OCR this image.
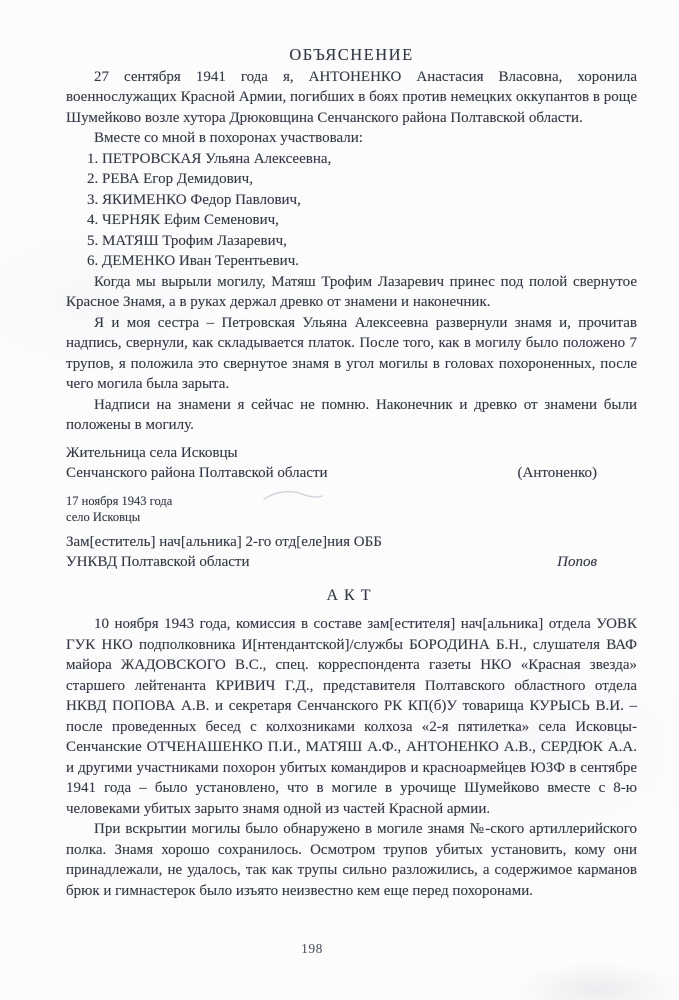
ОБЪЯСНЕНИЕ

27 сентября 1941 года я, АНТОНЕНКО Анастасия Власовна, хоронила военнослужащих Красной Армии, погибших в боях против немецких оккупантов в роще Шумейково возле хутора Дрюковщина Сенчанского района Полтавской области.

Вместе со мной в похоронах участвовали:

1. ПЕТРОВСКАЯ Ульяна Алексеевна,
2. РЕВА Егор Демидович,
3. ЯКИМЕНКО Федор Павлович,
4. ЧЕРНЯК Ефим Семенович,
5. МАТЯШ Трофим Лазаревич,
6. ДЕМЕНКО Иван Терентьевич.

Когда мы вырыли могилу, Матяш Трофим Лазаревич принес под полой свернутое Красное Знамя, а в руках держал древко от знамени и наконечник.

Я и моя сестра – Петровская Ульяна Алексеевна развернули знамя и, прочитав надпись, свернули, как складывается платок. После того, как в могилу было положено 7 трупов, я положила это свернутое знамя в угол могилы в головах похороненных, после чего могила была зарыта.

Надписи на знамени я сейчас не помню. Наконечник и древко от знамени были положены в могилу.

Жительница села Исковцы
Сенчанского района Полтавской области	(Антоненко)
17 ноября 1943 года
село Исковцы
Зам[еститель] нач[альника] 2-го отд[еле]ния ОББ
УНКВД Полтавской области	Попов
АКТ

10 ноября 1943 года, комиссия в составе зам[естителя] нач[альника] отдела УОВК ГУК НКО подполковника И[нтендантской]/службы БОРОДИНА Б.Н., слушателя ВАФ майора ЖАДОВСКОГО В.С., спец. корреспондента газеты НКО «Красная звезда» старшего лейтенанта КРИВИЧ Г.Д., представителя Полтавского областного отдела НКВД ПОПОВА А.В. и секретаря Сенчанского РК КП(б)У товарища КУРЫСЬ В.И. – после проведенных бесед с колхозниками колхоза «2-я пятилетка» села Исковцы-Сенчанские ОТЧЕНАШЕНКО П.И., МАТЯШ А.Ф., АНТОНЕНКО А.В., СЕРДЮК А.А. и другими участниками похорон убитых командиров и красноармейцев ЮЗФ в сентябре 1941 года – было установлено, что в могиле в урочище Шумейково вместе с 8-ю человеками убитых зарыто знамя одной из частей Красной армии.

При вскрытии могилы было обнаружено в могиле знамя №-ского артиллерийского полка. Знамя хорошо сохранилось. Осмотром трупов убитых установить, кому они принадлежали, не удалось, так как трупы сильно разложились, а содержимое карманов брюк и гимнастерок было изъято неизвестно кем еще перед похоронами.

198
